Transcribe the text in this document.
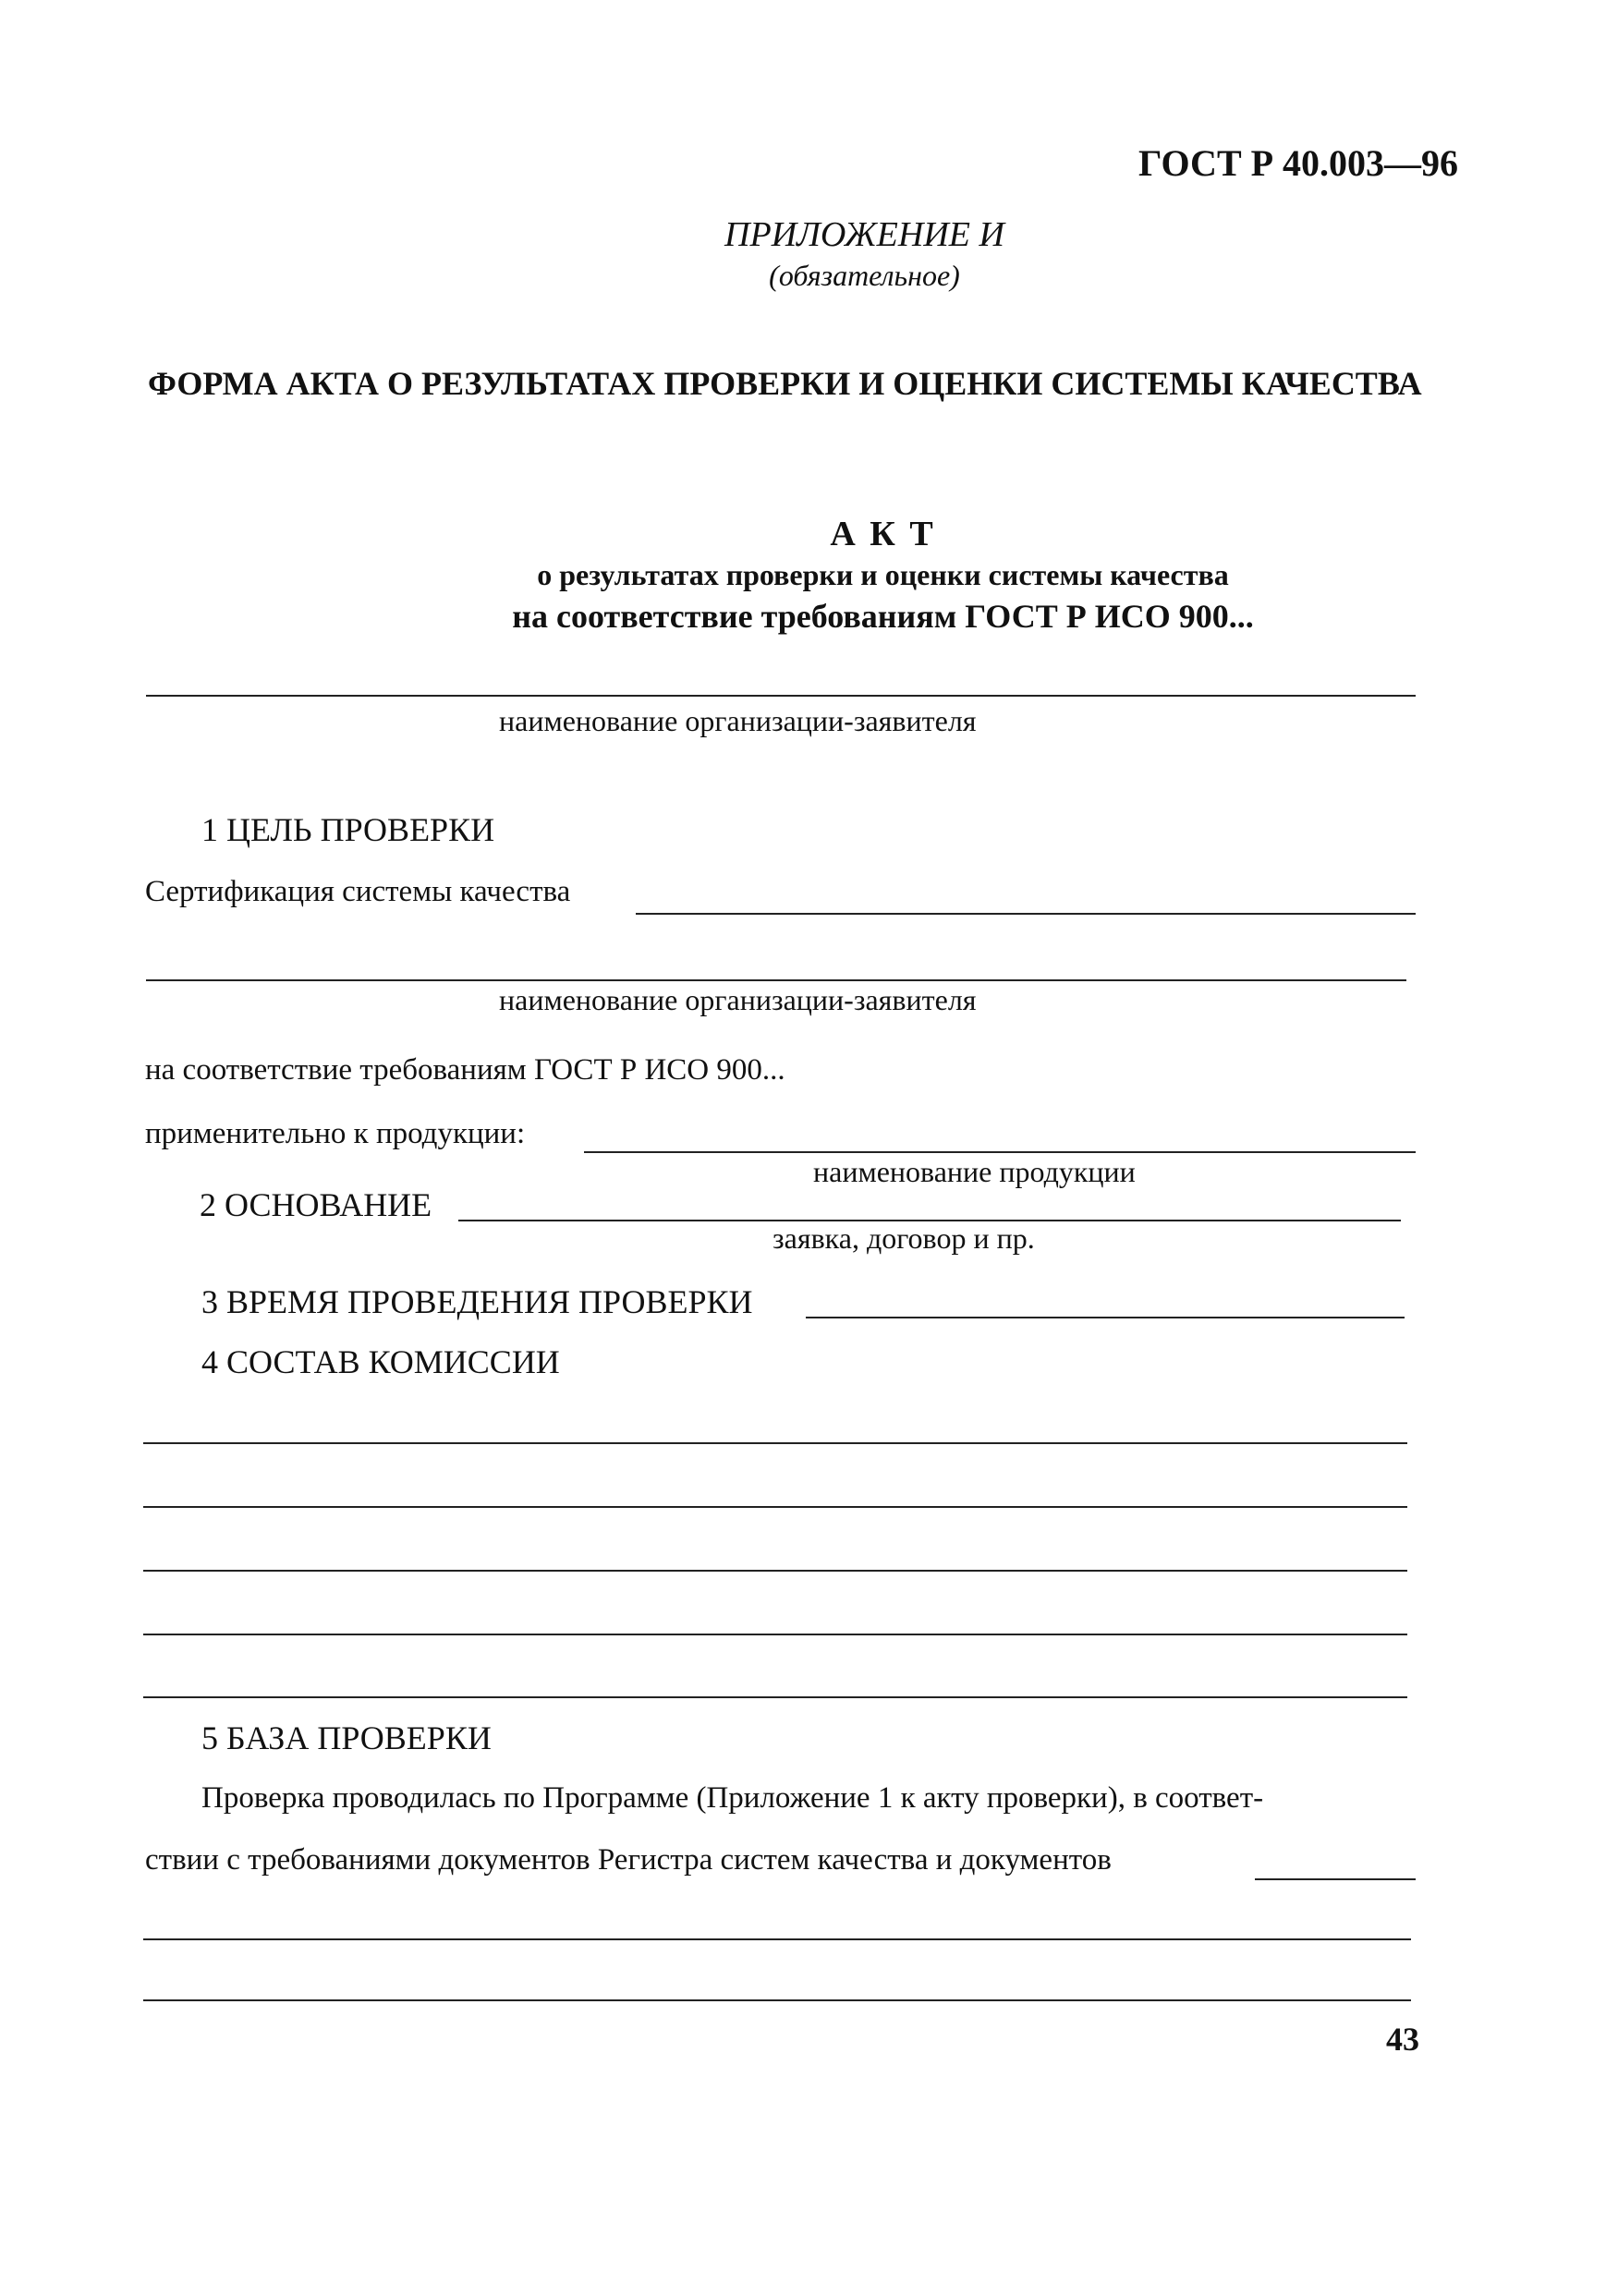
ГОСТ Р 40.003—96
ПРИЛОЖЕНИЕ И
(обязательное)
ФОРМА АКТА О РЕЗУЛЬТАТАХ ПРОВЕРКИ И ОЦЕНКИ СИСТЕМЫ КАЧЕСТВА
А К Т
о результатах проверки и оценки системы качества
на соответствие требованиям ГОСТ Р ИСО 900...
наименование организации-заявителя
1 ЦЕЛЬ ПРОВЕРКИ
Сертификация системы качества
наименование организации-заявителя
на соответствие требованиям ГОСТ Р ИСО 900...
применительно к продукции:
наименование продукции
2 ОСНОВАНИЕ
заявка, договор и пр.
3 ВРЕМЯ ПРОВЕДЕНИЯ ПРОВЕРКИ
4 СОСТАВ КОМИССИИ
5 БАЗА ПРОВЕРКИ
Проверка проводилась по Программе (Приложение 1 к акту проверки), в соответ-
ствии с требованиями документов Регистра систем качества и документов
43
